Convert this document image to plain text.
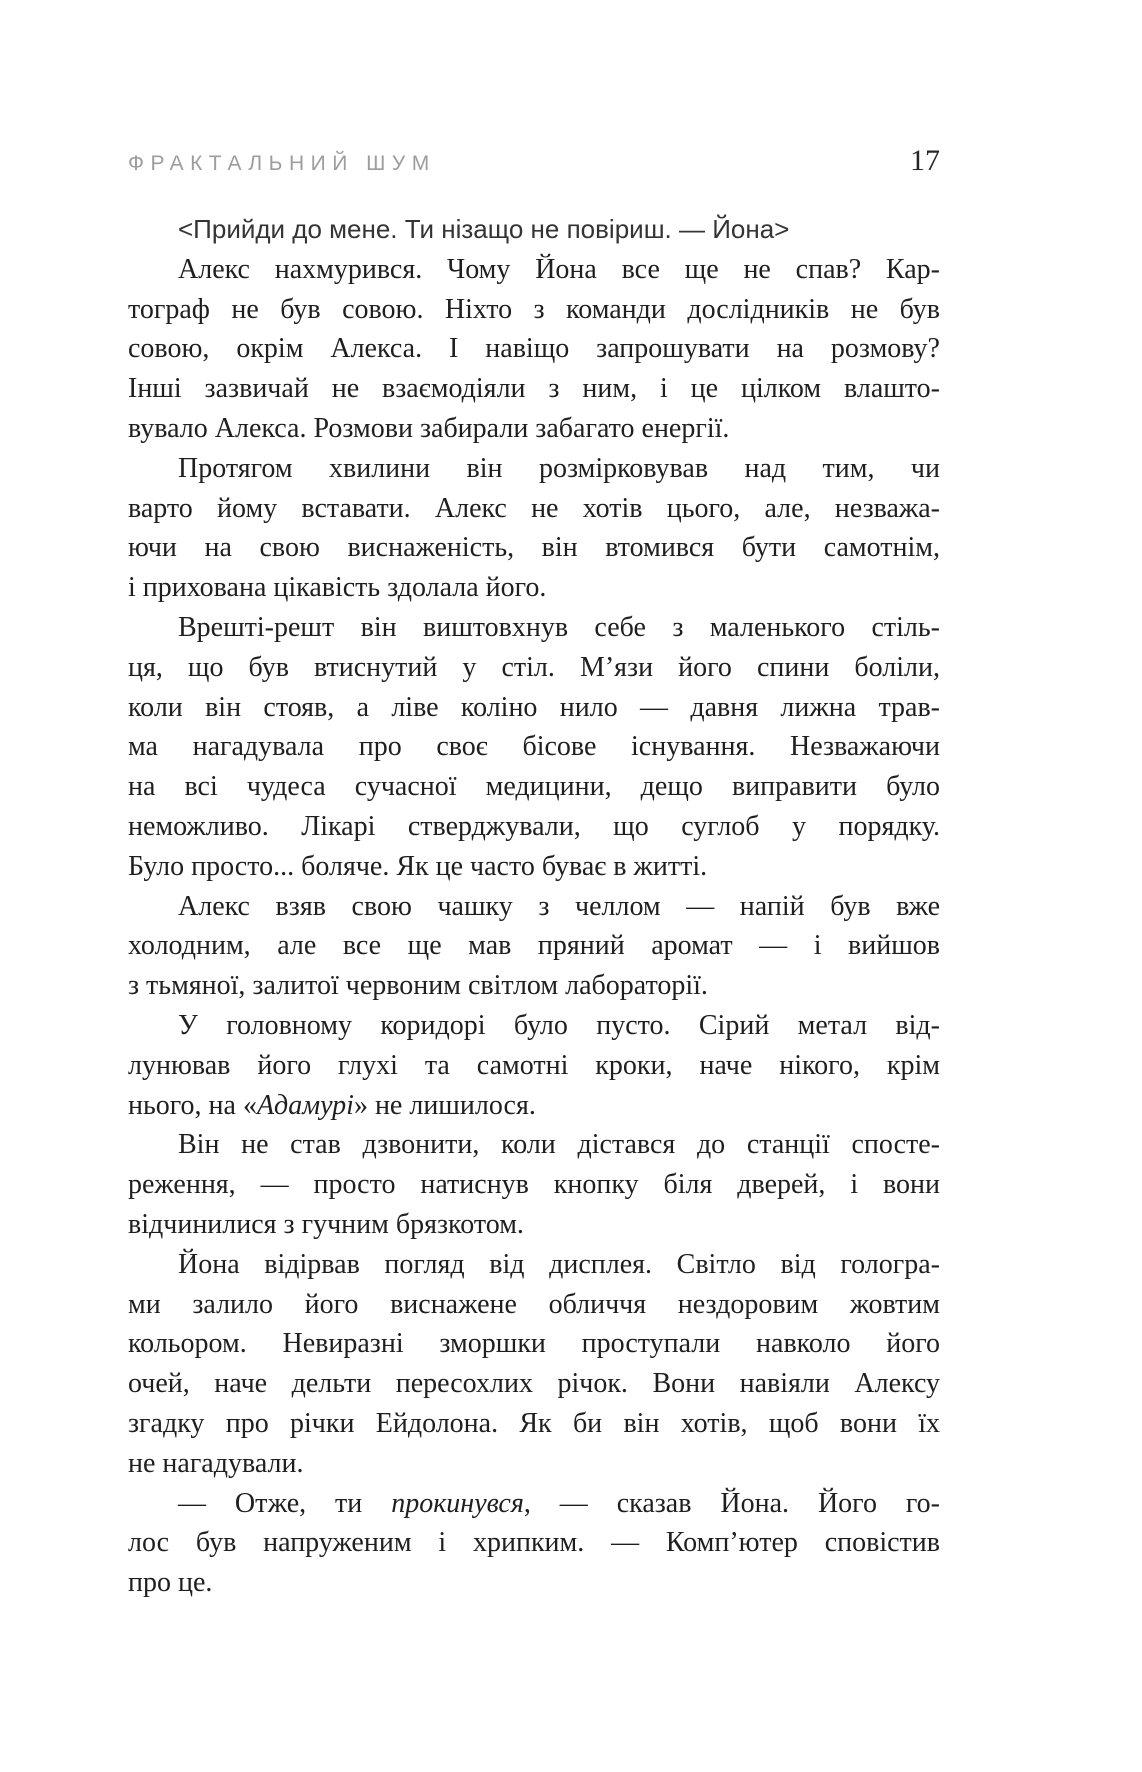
ФРАКТАЛЬНИЙ ШУМ	17
<Прийди до мене. Ти нізащо не повіриш. — Йона>
Алекс нахмурився. Чому Йона все ще не спав? Кар-
тограф не був совою. Ніхто з команди дослідників не був
совою, окрім Алекса. І навіщо запрошувати на розмову?
Інші зазвичай не взаємодіяли з ним, і це цілком влашто-
вувало Алекса. Розмови забирали забагато енергії.
Протягом хвилини він розмірковував над тим, чи
варто йому вставати. Алекс не хотів цього, але, незважа-
ючи на свою виснаженість, він втомився бути самотнім,
і прихована цікавість здолала його.
Врешті-решт він виштовхнув себе з маленького стіль-
ця, що був втиснутий у стіл. М’язи його спини боліли,
коли він стояв, а ліве коліно нило — давня лижна трав-
ма нагадувала про своє бісове існування. Незважаючи
на всі чудеса сучасної медицини, дещо виправити було
неможливо. Лікарі стверджували, що суглоб у порядку.
Було просто... боляче. Як це часто буває в житті.
Алекс взяв свою чашку з челлом — напій був вже
холодним, але все ще мав пряний аромат — і вийшов
з тьмяної, залитої червоним світлом лабораторії.
У головному коридорі було пусто. Сірий метал від-
лунював його глухі та самотні кроки, наче нікого, крім
нього, на «Адамурі» не лишилося.
Він не став дзвонити, коли дістався до станції спосте-
реження, — просто натиснув кнопку біля дверей, і вони
відчинилися з гучним брязкотом.
Йона відірвав погляд від дисплея. Світло від гологра-
ми залило його виснажене обличчя нездоровим жовтим
кольором. Невиразні зморшки проступали навколо його
очей, наче дельти пересохлих річок. Вони навіяли Алексу
згадку про річки Ейдолона. Як би він хотів, щоб вони їх
не нагадували.
— Отже, ти прокинувся, — сказав Йона. Його го-
лос був напруженим і хрипким. — Комп’ютер сповістив
про це.
